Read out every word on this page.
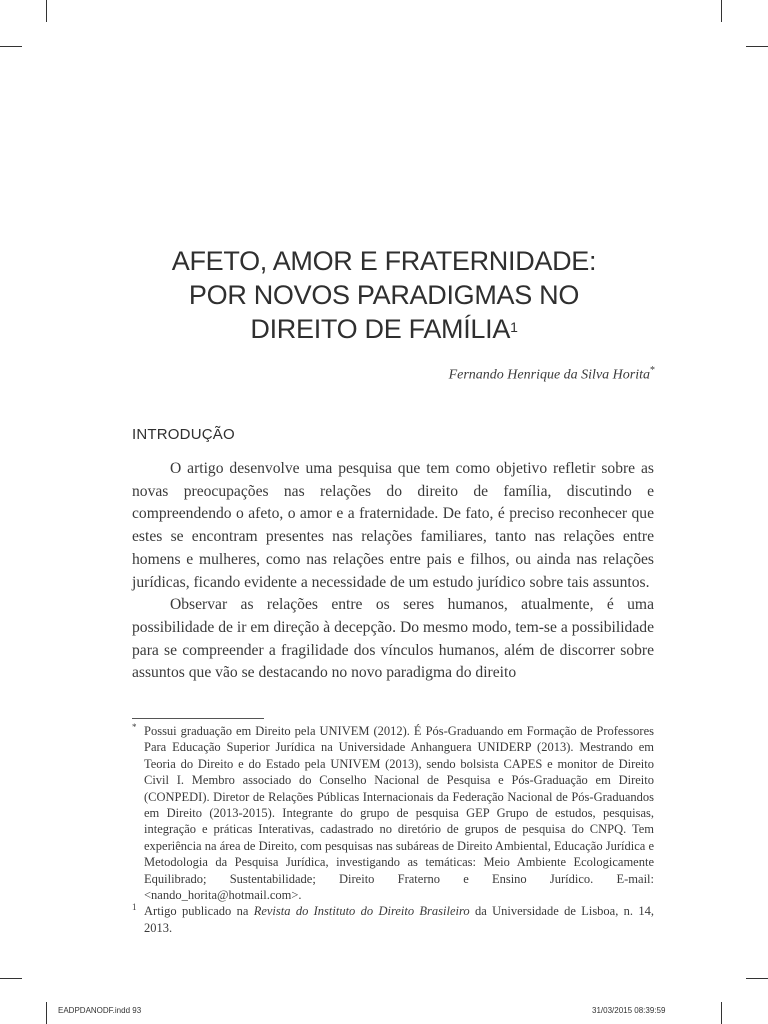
AFETO, AMOR E FRATERNIDADE:
POR NOVOS PARADIGMAS NO
DIREITO DE FAMÍLIA$^1$
Fernando Henrique da Silva Horita*
INTRODUÇÃO

O artigo desenvolve uma pesquisa que tem como objetivo refletir sobre as novas preocupações nas relações do direito de família, discutindo e compreendendo o afeto, o amor e a fraternidade. De fato, é preciso reconhecer que estes se encontram presentes nas relações familiares, tanto nas relações entre homens e mulheres, como nas relações entre pais e filhos, ou ainda nas relações jurídicas, ficando evidente a necessidade de um estudo jurídico sobre tais assuntos.

Observar as relações entre os seres humanos, atualmente, é uma possibilidade de ir em direção à decepção. Do mesmo modo, tem-se a possibilidade para se compreender a fragilidade dos vínculos humanos, além de discorrer sobre assuntos que vão se destacando no novo paradigma do direito

* Possui graduação em Direito pela UNIVEM (2012). É Pós-Graduando em Formação de Professores Para Educação Superior Jurídica na Universidade Anhanguera UNIDERP (2013). Mestrando em Teoria do Direito e do Estado pela UNIVEM (2013), sendo bolsista CAPES e monitor de Direito Civil I. Membro associado do Conselho Nacional de Pesquisa e Pós-Graduação em Direito (CONPEDI). Diretor de Relações Públicas Internacionais da Federação Nacional de Pós-Graduandos em Direito (2013-2015). Integrante do grupo de pesquisa GEP Grupo de estudos, pesquisas, integração e práticas Interativas, cadastrado no diretório de grupos de pesquisa do CNPQ. Tem experiência na área de Direito, com pesquisas nas subáreas de Direito Ambiental, Educação Jurídica e Metodologia da Pesquisa Jurídica, investigando as temáticas: Meio Ambiente Ecologicamente Equilibrado; Sustentabilidade; Direito Fraterno e Ensino Jurídico. E-mail: <nando_horita@hotmail.com>.

1 Artigo publicado na Revista do Instituto do Direito Brasileiro da Universidade de Lisboa, n. 14, 2013.

EADPDANODF.indd 93	31/03/2015 08:39:59
